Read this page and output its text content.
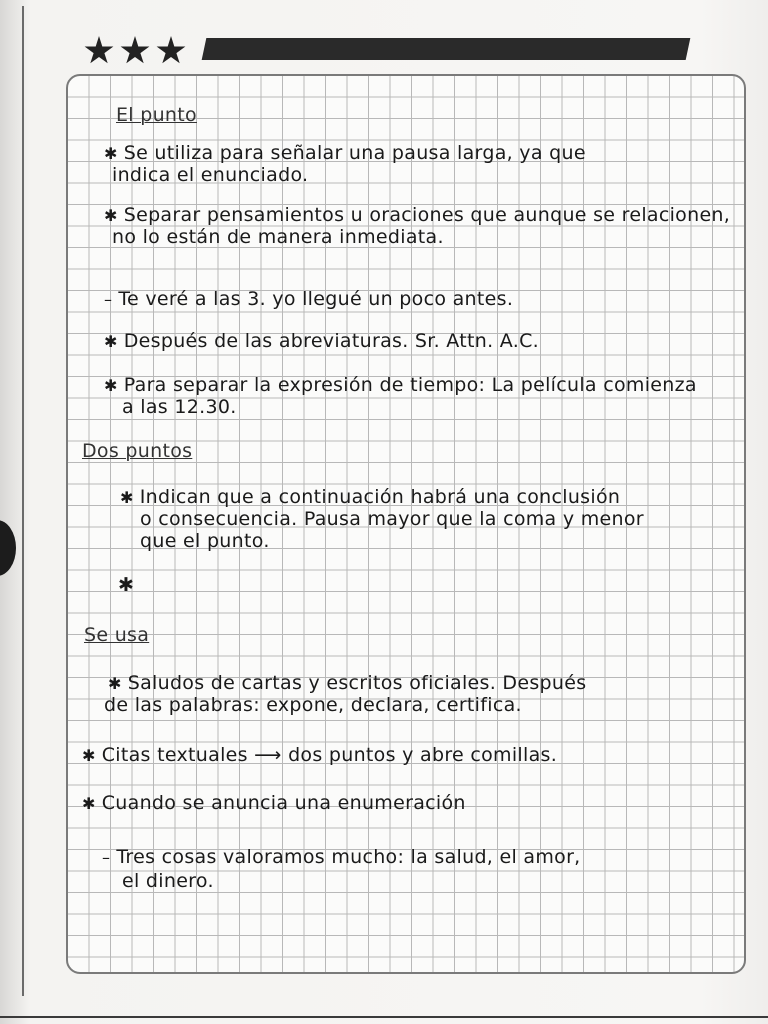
El punto
✱ Se utiliza para señalar una pausa larga, ya que
indica el enunciado.
✱ Separar pensamientos u oraciones que aunque se relacionen,
no lo están de manera inmediata.
– Te veré a las 3. yo llegué un poco antes.
✱ Después de las abreviaturas. Sr. Attn. A.C.
✱ Para separar la expresión de tiempo: La película comienza
a las 12.30.
Dos puntos
✱ Indican que a continuación habrá una conclusión
o consecuencia. Pausa mayor que la coma y menor
que el punto.
✱
Se usa
✱ Saludos de cartas y escritos oficiales. Después
de las palabras: expone, declara, certifica.
✱ Citas textuales ⟶ dos puntos y abre comillas.
✱ Cuando se anuncia una enumeración
– Tres cosas valoramos mucho: la salud, el amor,
el dinero.
